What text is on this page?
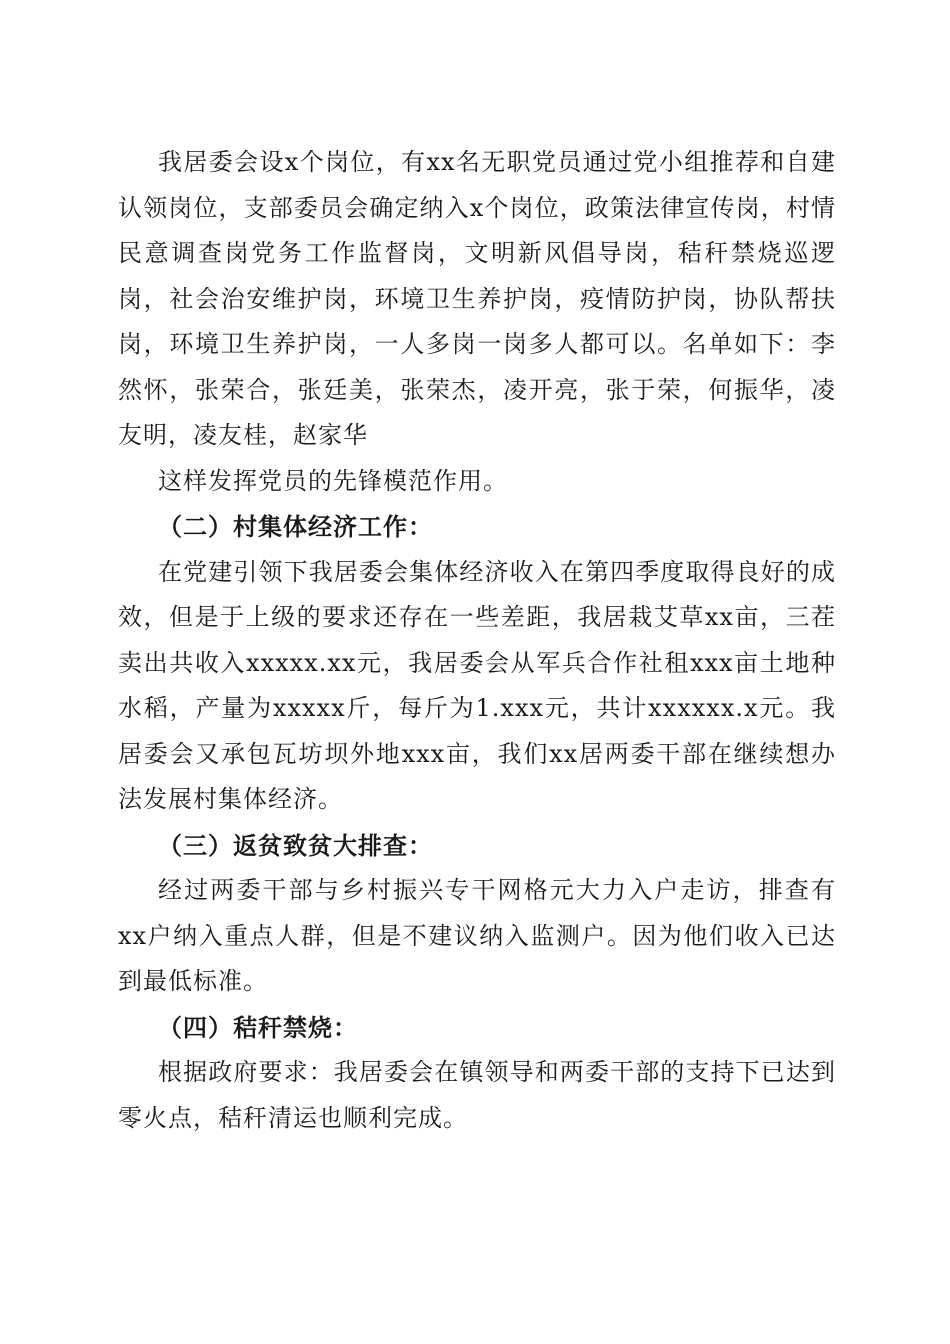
我居委会设x个岗位，有xx名无职党员通过党小组推荐和自建认领岗位，支部委员会确定纳入x个岗位，政策法律宣传岗，村情民意调查岗党务工作监督岗，文明新风倡导岗，秸秆禁烧巡逻岗，社会治安维护岗，环境卫生养护岗，疫情防护岗，协队帮扶岗，环境卫生养护岗，一人多岗一岗多人都可以。名单如下：李然怀，张荣合，张廷美，张荣杰，凌开亮，张于荣，何振华，凌友明，凌友桂，赵家华

这样发挥党员的先锋模范作用。

（二）村集体经济工作：

在党建引领下我居委会集体经济收入在第四季度取得良好的成效，但是于上级的要求还存在一些差距，我居栽艾草xx亩，三茬卖出共收入xxxxx.xx元，我居委会从军兵合作社租xxx亩土地种水稻，产量为xxxxx斤，每斤为1.xxx元，共计xxxxxx.x元。我居委会又承包瓦坊坝外地xxx亩，我们xx居两委干部在继续想办法发展村集体经济。

（三）返贫致贫大排查：

经过两委干部与乡村振兴专干网格元大力入户走访，排查有xx户纳入重点人群，但是不建议纳入监测户。因为他们收入已达到最低标准。

（四）秸秆禁烧：

根据政府要求：我居委会在镇领导和两委干部的支持下已达到零火点，秸秆清运也顺利完成。
